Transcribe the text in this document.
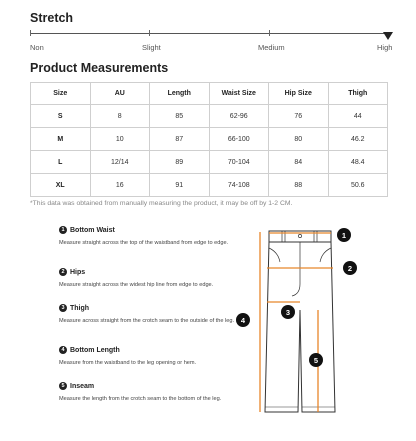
Stretch
Non	Slight	Medium	High
Product Measurements
Size	AU	Length	Waist Size	Hip Size	Thigh
S	8	85	62-96	76	44
M	10	87	66-100	80	46.2
L	12/14	89	70-104	84	48.4
XL	16	91	74-108	88	50.6
*This data was obtained from manually measuring the product, it may be off by 1-2 CM.
1 Bottom Waist
Measure straight across the top of the waistband from edge to edge.
2 Hips
Measure straight across the widest hip line from edge to edge.
3 Thigh
Measure across straight from the crotch seam to the outside of the leg.
4 Bottom Length
Measure from the waistband to the leg opening or hem.
5 Inseam
Measure the length from the crotch seam to the bottom of the leg.
1
2
3
4
5
